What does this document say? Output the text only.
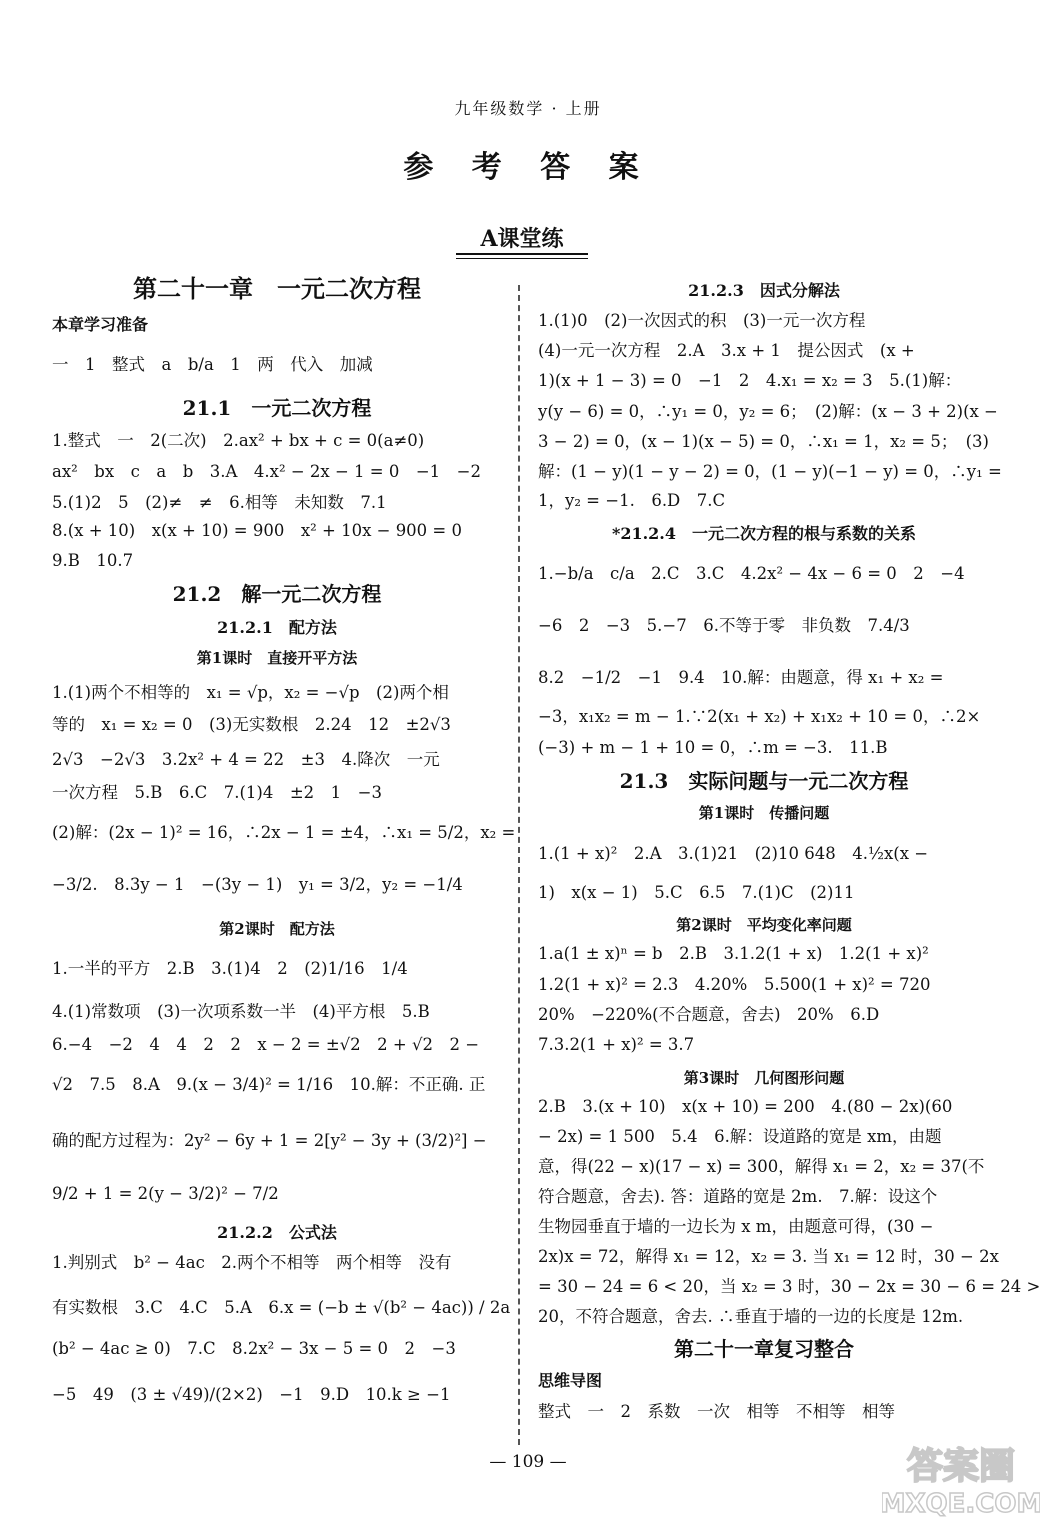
九年级数学 · 上册
参 考 答 案
A课堂练
第二十一章　一元二次方程
本章学习准备
一　1　整式　a　b/a　1　两　代入　加减
21.1　一元二次方程
1.整式　一　2(二次)　2.ax² + bx + c = 0(a≠0)
ax²　bx　c　a　b　3.A　4.x² − 2x − 1 = 0　−1　−2
5.(1)2　5　(2)≠　≠　6.相等　未知数　7.1
8.(x + 10)　x(x + 10) = 900　x² + 10x − 900 = 0
9.B　10.7
21.2　解一元二次方程
21.2.1　配方法
第1课时　直接开平方法
1.(1)两个不相等的　x₁ = √p，x₂ = −√p　(2)两个相
等的　x₁ = x₂ = 0　(3)无实数根　2.24　12　±2√3
2√3　−2√3　3.2x² + 4 = 22　±3　4.降次　一元
一次方程　5.B　6.C　7.(1)4　±2　1　−3
(2)解：(2x − 1)² = 16，∴2x − 1 = ±4，∴x₁ = 5/2，x₂ =
−3/2.　8.3y − 1　−(3y − 1)　y₁ = 3/2，y₂ = −1/4
第2课时　配方法
1.一半的平方　2.B　3.(1)4　2　(2)1/16　1/4
4.(1)常数项　(3)一次项系数一半　(4)平方根　5.B
6.−4　−2　4　4　2　2　x − 2 = ±√2　2 + √2　2 −
√2　7.5　8.A　9.(x − 3/4)² = 1/16　10.解：不正确. 正
确的配方过程为：2y² − 6y + 1 = 2[y² − 3y + (3/2)²] −
9/2 + 1 = 2(y − 3/2)² − 7/2
21.2.2　公式法
1.判别式　b² − 4ac　2.两个不相等　两个相等　没有
有实数根　3.C　4.C　5.A　6.x = (−b ± √(b² − 4ac)) / 2a
(b² − 4ac ≥ 0)　7.C　8.2x² − 3x − 5 = 0　2　−3
−5　49　(3 ± √49)/(2×2)　−1　9.D　10.k ≥ −1
21.2.3　因式分解法
1.(1)0　(2)一次因式的积　(3)一元一次方程
(4)一元一次方程　2.A　3.x + 1　提公因式　(x +
1)(x + 1 − 3) = 0　−1　2　4.x₁ = x₂ = 3　5.(1)解：
y(y − 6) = 0，∴y₁ = 0，y₂ = 6；　(2)解：(x − 3 + 2)(x −
3 − 2) = 0，(x − 1)(x − 5) = 0，∴x₁ = 1，x₂ = 5；　(3)
解：(1 − y)(1 − y − 2) = 0，(1 − y)(−1 − y) = 0，∴y₁ =
1，y₂ = −1.　6.D　7.C
*21.2.4　一元二次方程的根与系数的关系
1.−b/a　c/a　2.C　3.C　4.2x² − 4x − 6 = 0　2　−4
−6　2　−3　5.−7　6.不等于零　非负数　7.4/3
8.2　−1/2　−1　9.4　10.解：由题意，得 x₁ + x₂ =
−3，x₁x₂ = m − 1.∵2(x₁ + x₂) + x₁x₂ + 10 = 0，∴2×
(−3) + m − 1 + 10 = 0，∴m = −3.　11.B
21.3　实际问题与一元二次方程
第1课时　传播问题
1.(1 + x)²　2.A　3.(1)21　(2)10 648　4.½x(x −
1)　x(x − 1)　5.C　6.5　7.(1)C　(2)11
第2课时　平均变化率问题
1.a(1 ± x)ⁿ = b　2.B　3.1.2(1 + x)　1.2(1 + x)²
1.2(1 + x)² = 2.3　4.20%　5.500(1 + x)² = 720
20%　−220%(不合题意，舍去)　20%　6.D
7.3.2(1 + x)² = 3.7
第3课时　几何图形问题
2.B　3.(x + 10)　x(x + 10) = 200　4.(80 − 2x)(60
− 2x) = 1 500　5.4　6.解：设道路的宽是 xm，由题
意，得(22 − x)(17 − x) = 300，解得 x₁ = 2，x₂ = 37(不
符合题意，舍去). 答：道路的宽是 2m.　7.解：设这个
生物园垂直于墙的一边长为 x m，由题意可得，(30 −
2x)x = 72，解得 x₁ = 12，x₂ = 3. 当 x₁ = 12 时，30 − 2x
= 30 − 24 = 6 < 20，当 x₂ = 3 时，30 − 2x = 30 − 6 = 24 >
20，不符合题意，舍去. ∴垂直于墙的一边的长度是 12m.
第二十一章复习整合
思维导图
整式　一　2　系数　一次　相等　不相等　相等
— 109 —	答案圈
MXQE.COM
